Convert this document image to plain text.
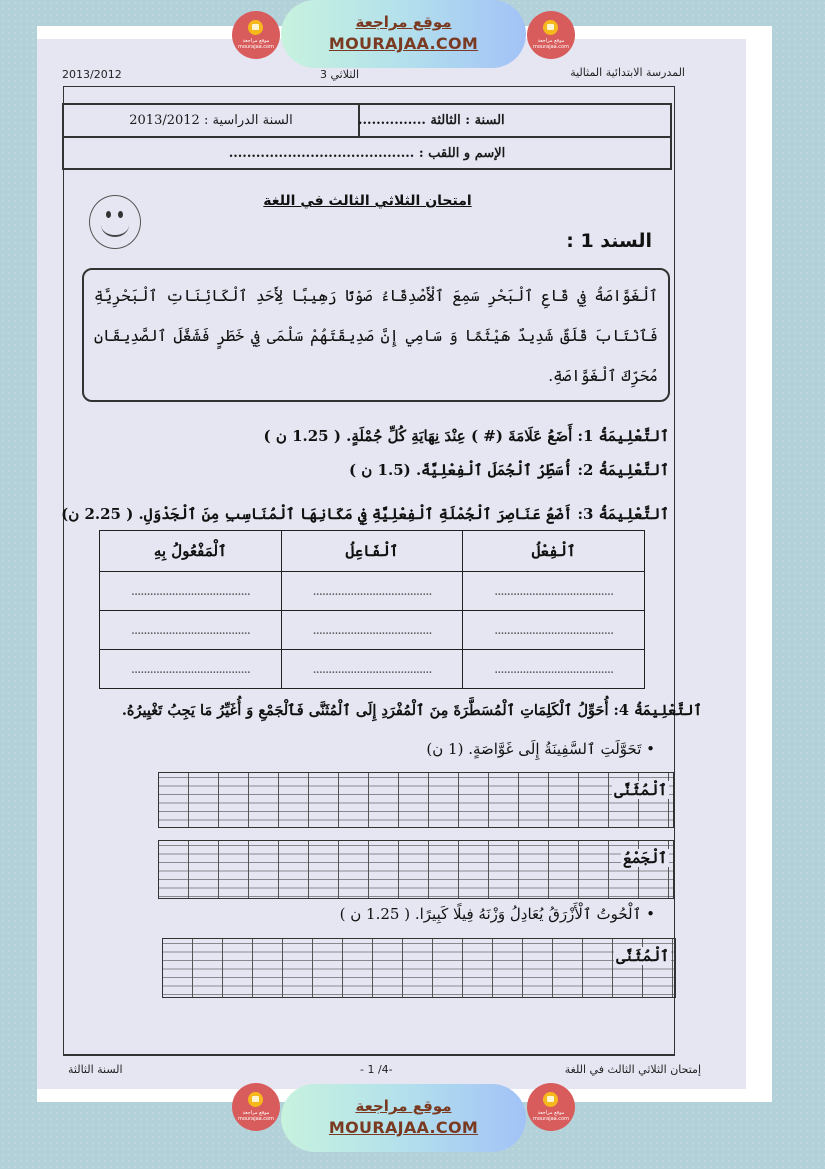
2013/2012	الثلاثي 3	المدرسة الابتدائية المثالية
السنة الدراسية : 2013/2012	السنة : الثالثة ...............
الإسم و اللقب : .........................................
امتحان الثلاثي الثالث في اللغة
السند 1 :

ٱلْغَوَّاصَةُ فِي قَاعِ ٱلْبَحْرِ سَمِعَ ٱلْأَصْدِقَاءُ صَوْتًا رَهِيبًا لِأَحَدِ ٱلْكَائِنَاتِ ٱلْبَحْرِيَّةِ فَٱنْتَابَ قَلَقٌ شَدِيدٌ هَيْثَمًا وَ سَامِي إِنَّ صَدِيقَتَهُمْ سَلْمَى فِي خَطَرٍ فَشَغَّلَ ٱلصَّدِيقَانِ مُحَرِّكَ ٱلْغَوَّاصَةِ.

ٱلتَّعْلِيمَةُ 1: أَضَعُ عَلَامَةَ (# ) عِنْدَ نِهَايَةِ كُلِّ جُمْلَةٍ. ( 1.25 ن )
ٱلتَّعْلِيمَةُ 2: أُسَطِّرُ ٱلْجُمَلَ ٱلْفِعْلِيَّةَ. (1.5 ن )
ٱلتَّعْلِيمَةُ 3: أَضَعُ عَنَاصِرَ ٱلْجُمْلَةِ ٱلْفِعْلِيَّةِ فِي مَكَانِهَا ٱلْمُنَاسِبِ مِنَ ٱلْجَدْوَلِ. ( 2.25 ن)
ٱلْفِعْلُ	ٱلْفَاعِلُ	ٱلْمَفْعُولُ بِهِ
......................................	......................................	......................................
......................................	......................................	......................................
......................................	......................................	......................................
ٱلتَّعْلِيمَةُ 4: أُحَوِّلُ ٱلْكَلِمَاتِ ٱلْمُسَطَّرَةَ مِنَ ٱلْمُفْرَدِ إِلَى ٱلْمُثَنَّى فَٱلْجَمْعِ وَ أُغَيِّرُ مَا يَجِبُ تَغْيِيرُهُ.
• تَحَوَّلَتِ ٱلسَّفِينَةُ إِلَى غَوَّاصَةٍ. (1 ن)
ٱلْمُثَنَّى
ٱلْجَمْعُ
• ٱلْحُوتُ ٱلْأَزْرَقُ يُعَادِلُ وَزْنَهُ فِيلًا كَبِيرًا. ( 1.25 ن )
ٱلْمُثَنَّى
السنة الثالثة	- 1 /4-	إمتحان الثلاثي الثالث في اللغة
موقع مراجعة
mourajaa.com
موقع مراجعة
MOURAJAA.COM	موقع مراجعة
mourajaa.com
موقع مراجعة
mourajaa.com
موقع مراجعة
MOURAJAA.COM
موقع مراجعة
mourajaa.com
